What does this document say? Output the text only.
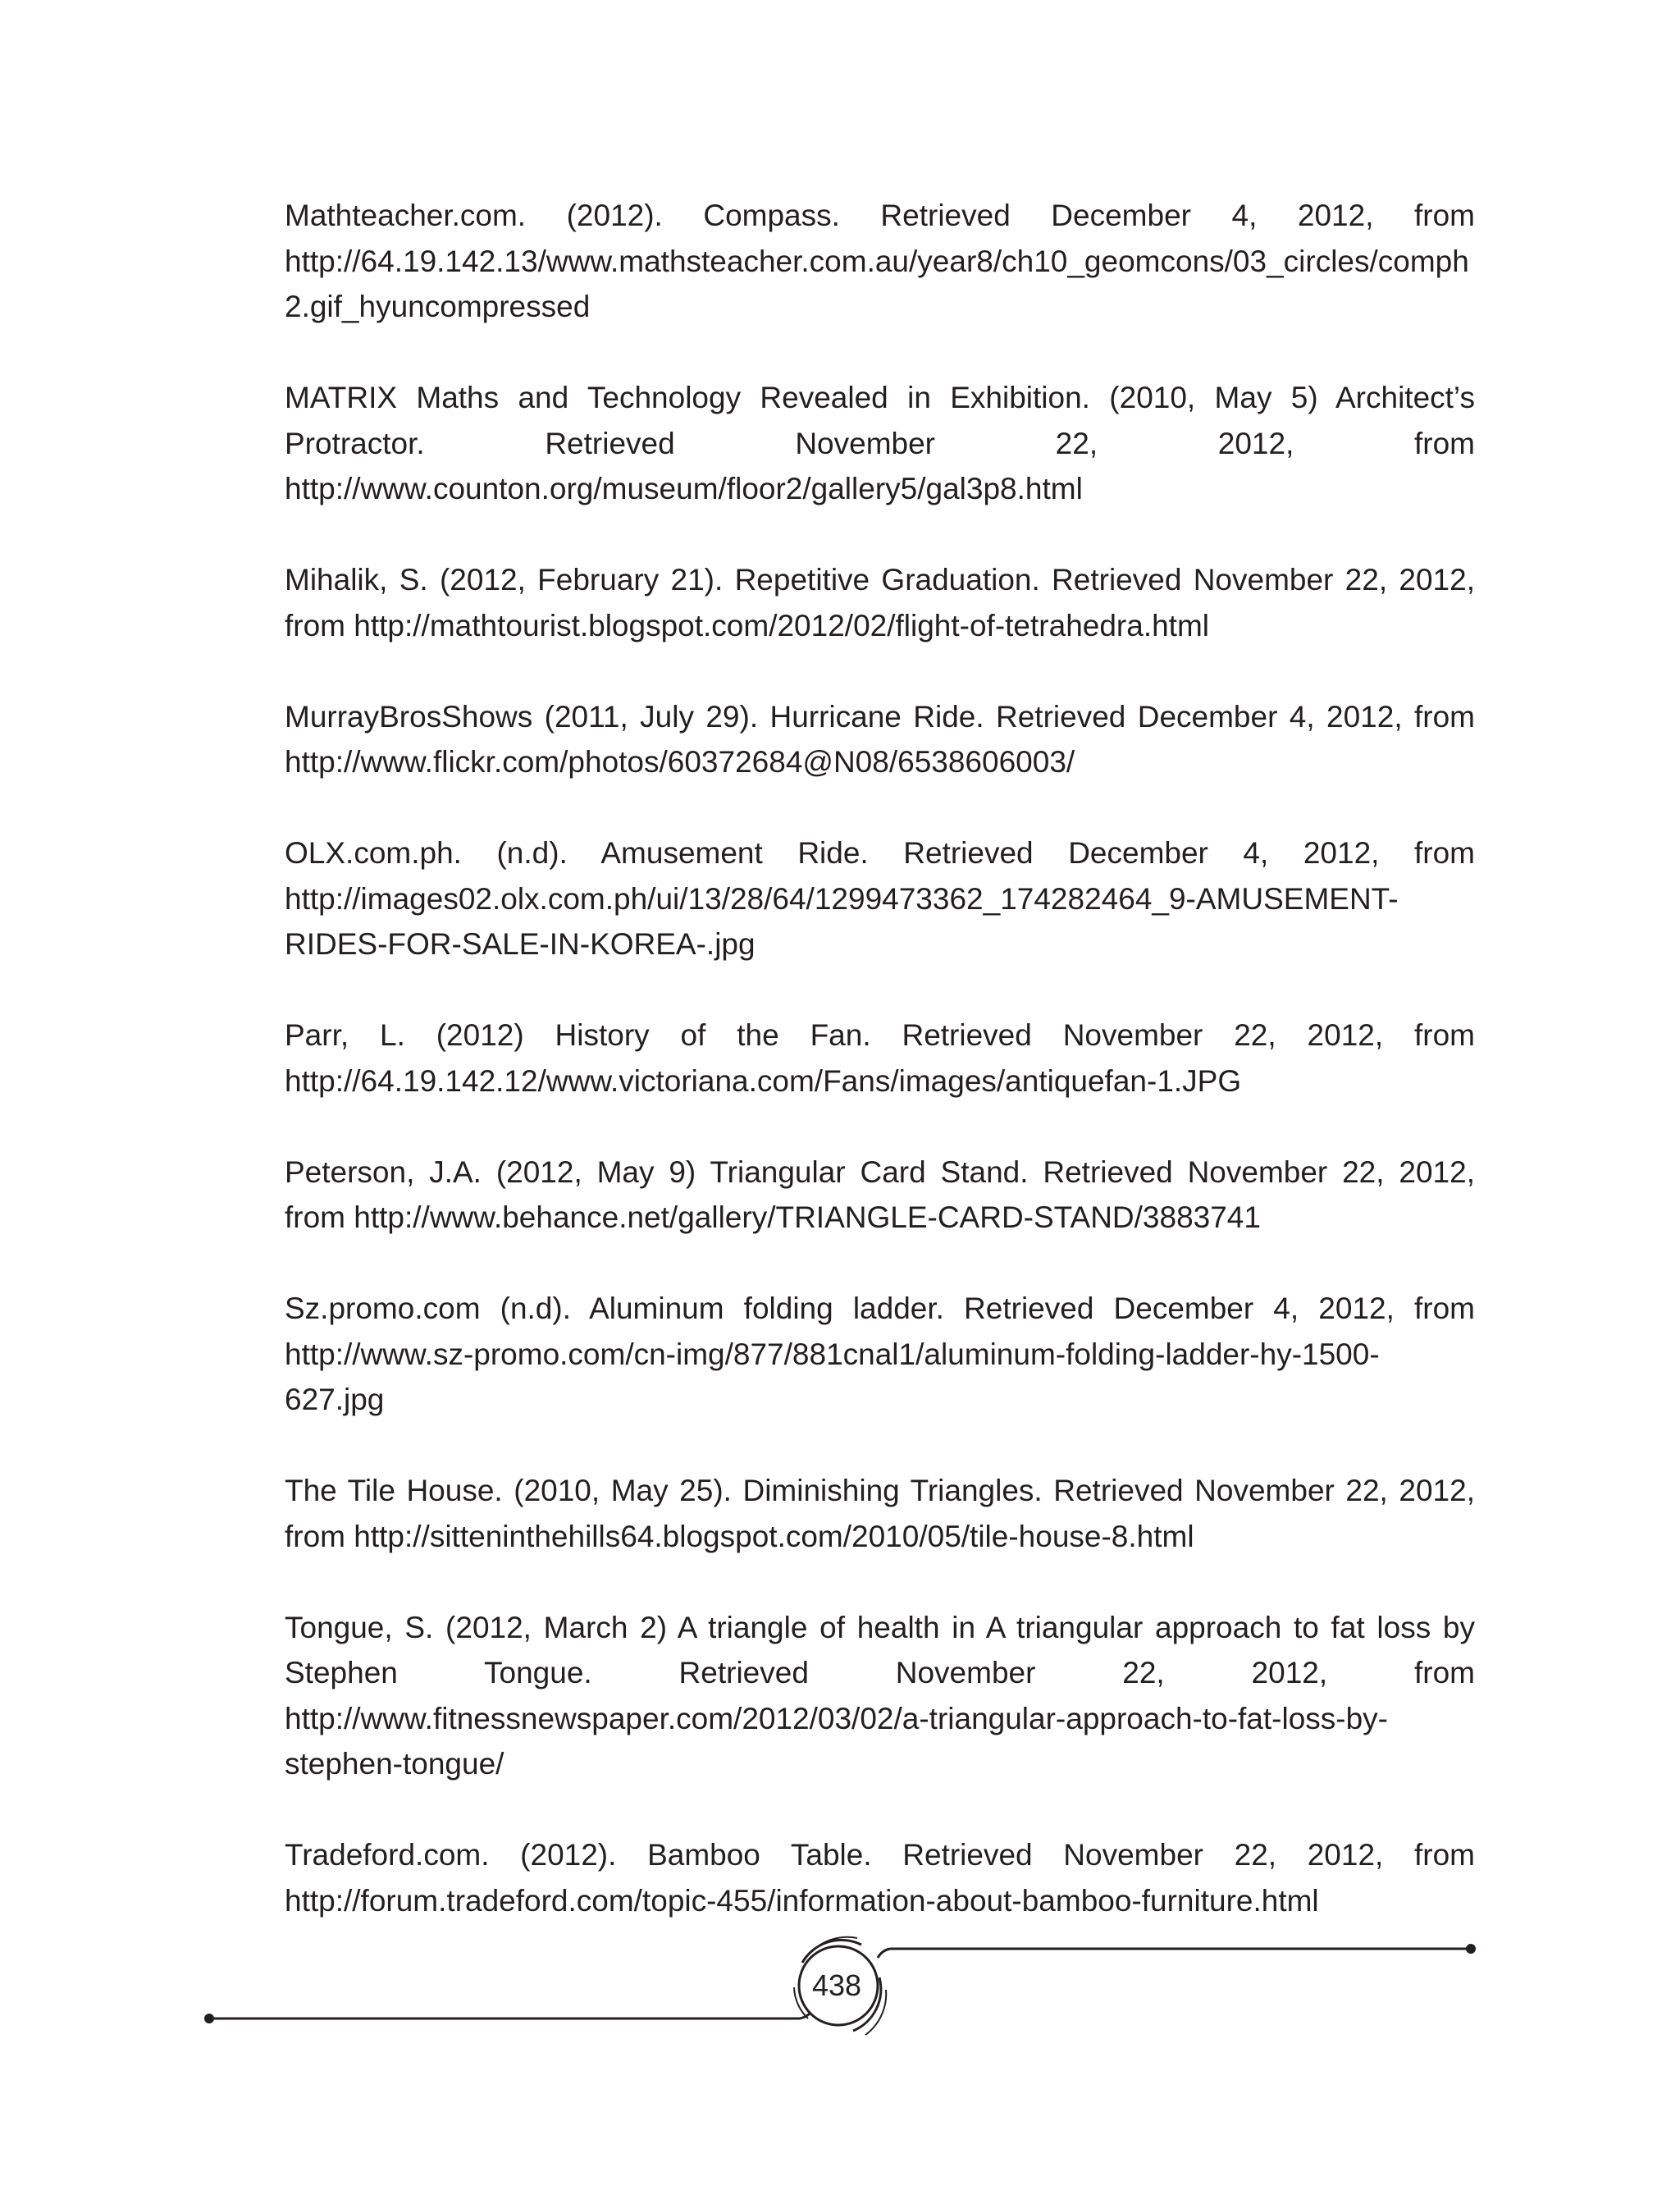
Mathteacher.com. (2012). Compass. Retrieved December 4, 2012, from http://64.19.142.13/www.mathsteacher.com.au/year8/ch10_geomcons/03_circles/comph2.gif_hyuncompressed

MATRIX Maths and Technology Revealed in Exhibition. (2010, May 5) Architect’s Protractor. Retrieved November 22, 2012, from http://www.counton.org/museum/floor2/gallery5/gal3p8.html

Mihalik, S. (2012, February 21). Repetitive Graduation. Retrieved November 22, 2012, from http://mathtourist.blogspot.com/2012/02/flight-of-tetrahedra.html

MurrayBrosShows (2011, July 29). Hurricane Ride. Retrieved December 4, 2012, from http://www.flickr.com/photos/60372684@N08/6538606003/

OLX.com.ph. (n.d). Amusement Ride. Retrieved December 4, 2012, from http://images02.olx.com.ph/ui/13/28/64/1299473362_174282464_9-AMUSEMENT-RIDES-FOR-SALE-IN-KOREA-.jpg

Parr, L. (2012) History of the Fan. Retrieved November 22, 2012, from http://64.19.142.12/www.victoriana.com/Fans/images/antiquefan-1.JPG

Peterson, J.A. (2012, May 9) Triangular Card Stand. Retrieved November 22, 2012, from http://www.behance.net/gallery/TRIANGLE-CARD-STAND/3883741

Sz.promo.com (n.d). Aluminum folding ladder. Retrieved December 4, 2012, from http://www.sz-promo.com/cn-img/877/881cnal1/aluminum-folding-ladder-hy-1500-627.jpg

The Tile House. (2010, May 25). Diminishing Triangles. Retrieved November 22, 2012, from http://sitteninthehills64.blogspot.com/2010/05/tile-house-8.html

Tongue, S. (2012, March 2) A triangle of health in A triangular approach to fat loss by Stephen Tongue. Retrieved November 22, 2012, from http://www.fitnessnewspaper.com/2012/03/02/a-triangular-approach-to-fat-loss-by-stephen-tongue/

Tradeford.com. (2012). Bamboo Table. Retrieved November 22, 2012, from http://forum.tradeford.com/topic-455/information-about-bamboo-furniture.html

438
